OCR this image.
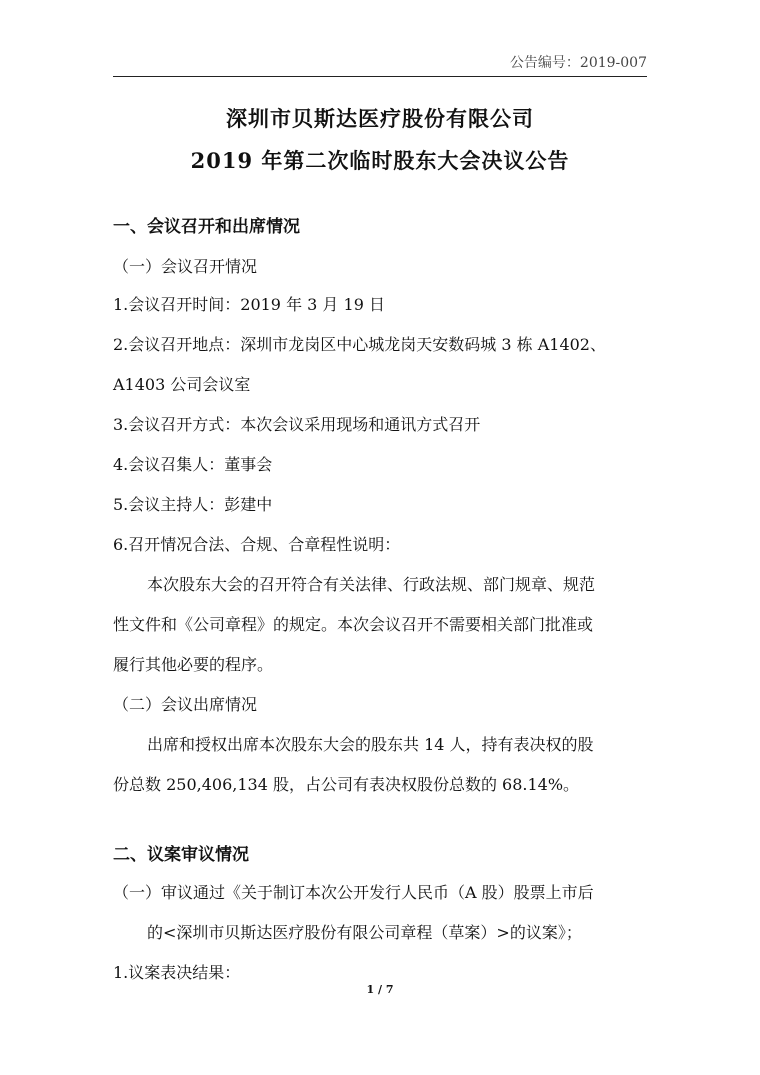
公告编号：2019-007
深圳市贝斯达医疗股份有限公司
2019 年第二次临时股东大会决议公告
一、会议召开和出席情况
（一）会议召开情况
1.会议召开时间：2019 年 3 月 19 日
2.会议召开地点：深圳市龙岗区中心城龙岗天安数码城 3 栋 A1402、
A1403 公司会议室
3.会议召开方式：本次会议采用现场和通讯方式召开
4.会议召集人：董事会
5.会议主持人：彭建中
6.召开情况合法、合规、合章程性说明：
本次股东大会的召开符合有关法律、行政法规、部门规章、规范
性文件和《公司章程》的规定。本次会议召开不需要相关部门批准或
履行其他必要的程序。
（二）会议出席情况
出席和授权出席本次股东大会的股东共 14 人，持有表决权的股
份总数 250,406,134 股，占公司有表决权股份总数的 68.14%。
二、议案审议情况
（一）审议通过《关于制订本次公开发行人民币（A 股）股票上市后
的<深圳市贝斯达医疗股份有限公司章程（草案）>的议案》；
1.议案表决结果：
1 / 7
